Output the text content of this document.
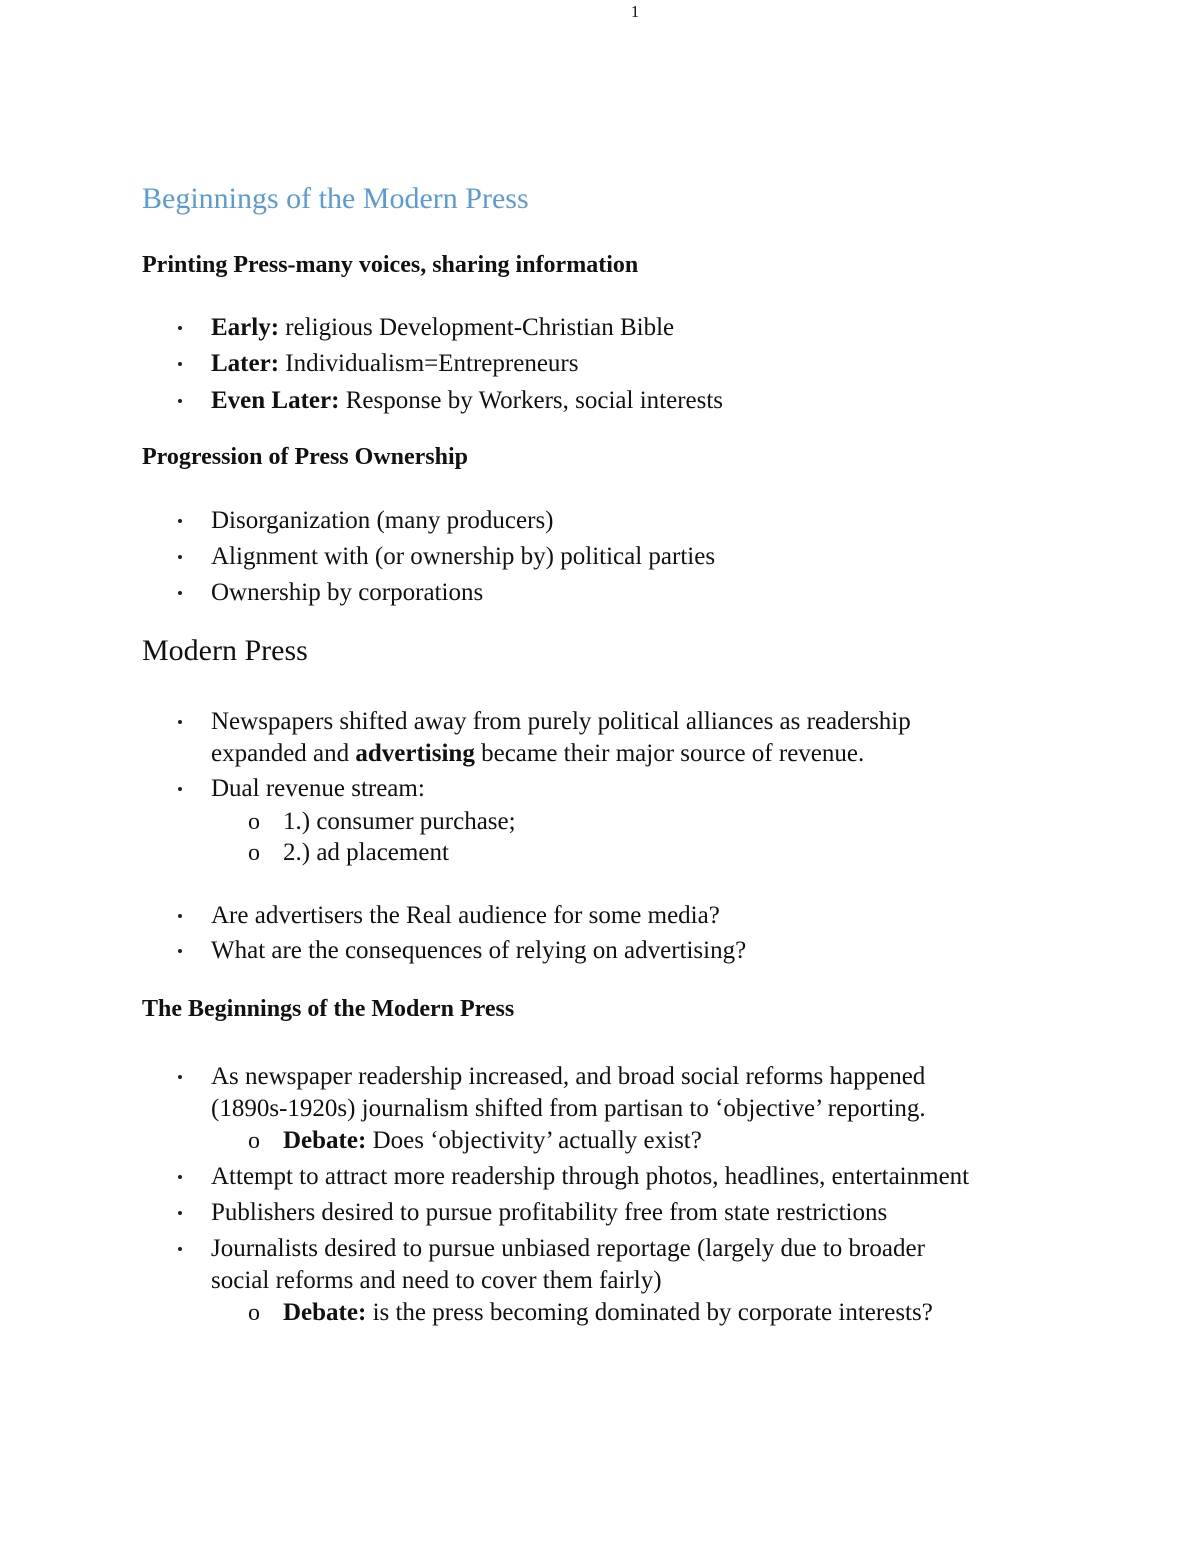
1
Beginnings of the Modern Press
Printing Press-many voices, sharing information
Early: religious Development-Christian Bible
Later: Individualism=Entrepreneurs
Even Later: Response by Workers, social interests
Progression of Press Ownership
Disorganization (many producers)
Alignment with (or ownership by) political parties
Ownership by corporations
Modern Press
Newspapers shifted away from purely political alliances as readership
expanded and advertising became their major source of revenue.
Dual revenue stream:
o 1.) consumer purchase;
o 2.) ad placement
Are advertisers the Real audience for some media?
What are the consequences of relying on advertising?
The Beginnings of the Modern Press
As newspaper readership increased, and broad social reforms happened
(1890s-1920s) journalism shifted from partisan to ‘objective’ reporting.
o Debate: Does ‘objectivity’ actually exist?
Attempt to attract more readership through photos, headlines, entertainment
Publishers desired to pursue profitability free from state restrictions
Journalists desired to pursue unbiased reportage (largely due to broader
social reforms and need to cover them fairly)
o Debate: is the press becoming dominated by corporate interests?
